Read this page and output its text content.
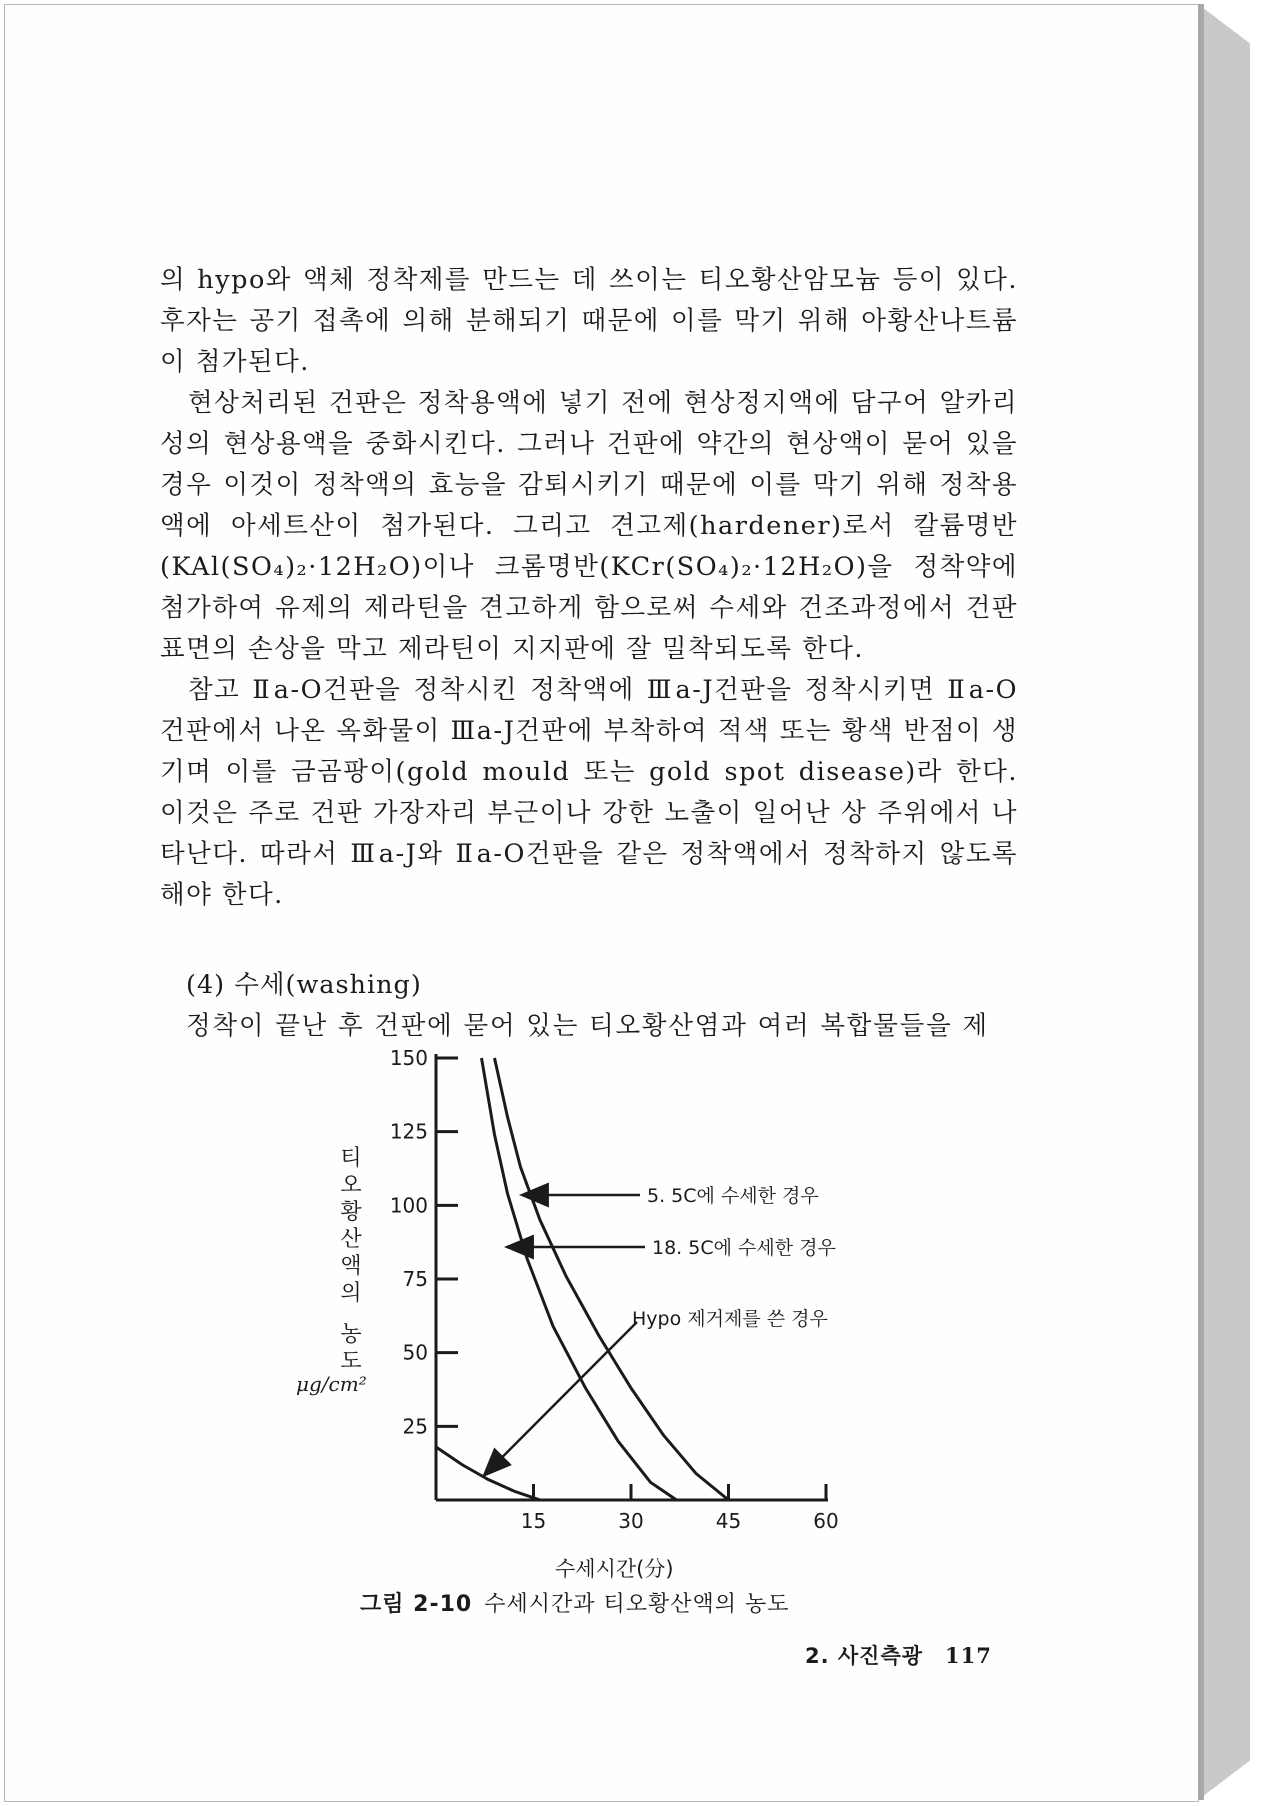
의 hypo와 액체 정착제를 만드는 데 쓰이는 티오황산암모늄 등이 있다. 후자는 공기 접촉에 의해 분해되기 때문에 이를 막기 위해 아황산나트륨이 첨가된다.

현상처리된 건판은 정착용액에 넣기 전에 현상정지액에 담구어 알카리성의 현상용액을 중화시킨다. 그러나 건판에 약간의 현상액이 묻어 있을 경우 이것이 정착액의 효능을 감퇴시키기 때문에 이를 막기 위해 정착용액에 아세트산이 첨가된다. 그리고 견고제(hardener)로서 칼륨명반(KAl(SO₄)₂·12H₂O)이나 크롬명반(KCr(SO₄)₂·12H₂O)을 정착약에 첨가하여 유제의 제라틴을 견고하게 함으로써 수세와 건조과정에서 건판 표면의 손상을 막고 제라틴이 지지판에 잘 밀착되도록 한다.

참고 Ⅱa-O건판을 정착시킨 정착액에 Ⅲa-J건판을 정착시키면 Ⅱa-O 건판에서 나온 옥화물이 Ⅲa-J건판에 부착하여 적색 또는 황색 반점이 생기며 이를 금곰팡이(gold mould 또는 gold spot disease)라 한다. 이것은 주로 건판 가장자리 부근이나 강한 노출이 일어난 상 주위에서 나타난다. 따라서 Ⅲa-J와 Ⅱa-O건판을 같은 정착액에서 정착하지 않도록 해야 한다.

(4) 수세(washing)
정착이 끝난 후 건판에 묻어 있는 티오황산염과 여러 복합물들을 제
25
50
75
100
125
150
15	30	45	60
5. 5C에 수세한 경우
18. 5C에 수세한 경우
Hypo 제거제를 쓴 경우
티
오
황
산
액
의
농
도
μg/cm²
수세시간(分)
그림 2-10 수세시간과 티오황산액의 농도
2. 사진측광 117
